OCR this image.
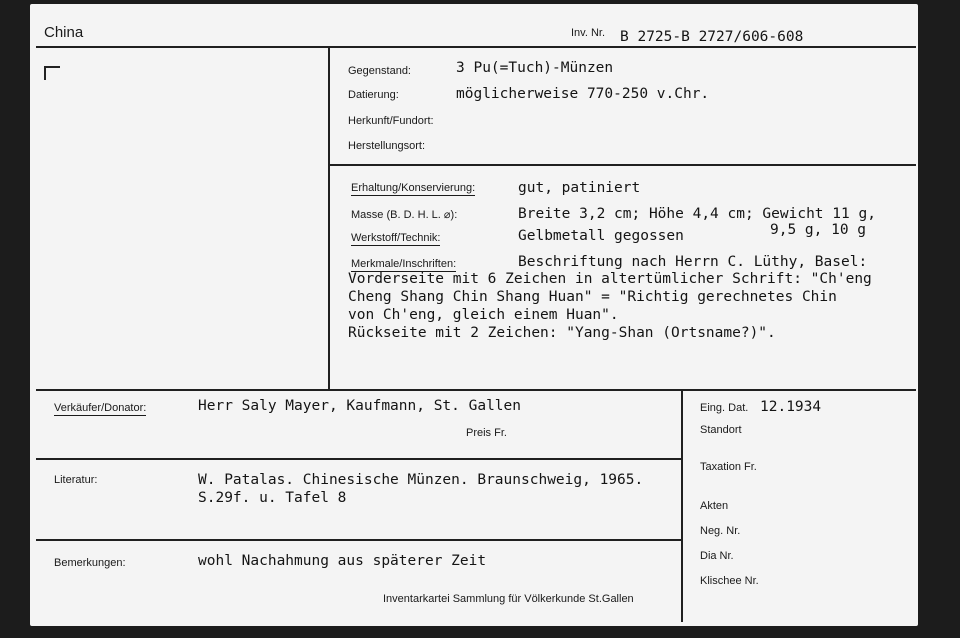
China	Inv. Nr. B 2725-B 2727/606-608
Gegenstand:	3 Pu(=Tuch)-Münzen
Datierung:	möglicherweise 770-250 v.Chr.
Herkunft/Fundort:
Herstellungsort:
Erhaltung/Konservierung:	gut, patiniert
Masse (B. D. H. L. ⌀):	Breite 3,2 cm; Höhe 4,4 cm; Gewicht 11 g,
9,5 g, 10 g
Werkstoff/Technik:	Gelbmetall gegossen
Merkmale/Inschriften:	Beschriftung nach Herrn C. Lüthy, Basel:
Vorderseite mit 6 Zeichen in altertümlicher Schrift: "Ch'eng
Cheng Shang Chin Shang Huan" = "Richtig gerechnetes Chin
von Ch'eng, gleich einem Huan".
Rückseite mit 2 Zeichen: "Yang-Shan (Ortsname?)".
Verkäufer/Donator:	Herr Saly Mayer, Kaufmann, St. Gallen
Preis Fr.
Literatur:	W. Patalas. Chinesische Münzen. Braunschweig, 1965.
S.29f. u. Tafel 8
Bemerkungen:	wohl Nachahmung aus späterer Zeit
Inventarkartei Sammlung für Völkerkunde St.Gallen
Eing. Dat. 12.1934
Standort
Taxation Fr.
Akten
Neg. Nr.
Dia Nr.
Klischee Nr.
